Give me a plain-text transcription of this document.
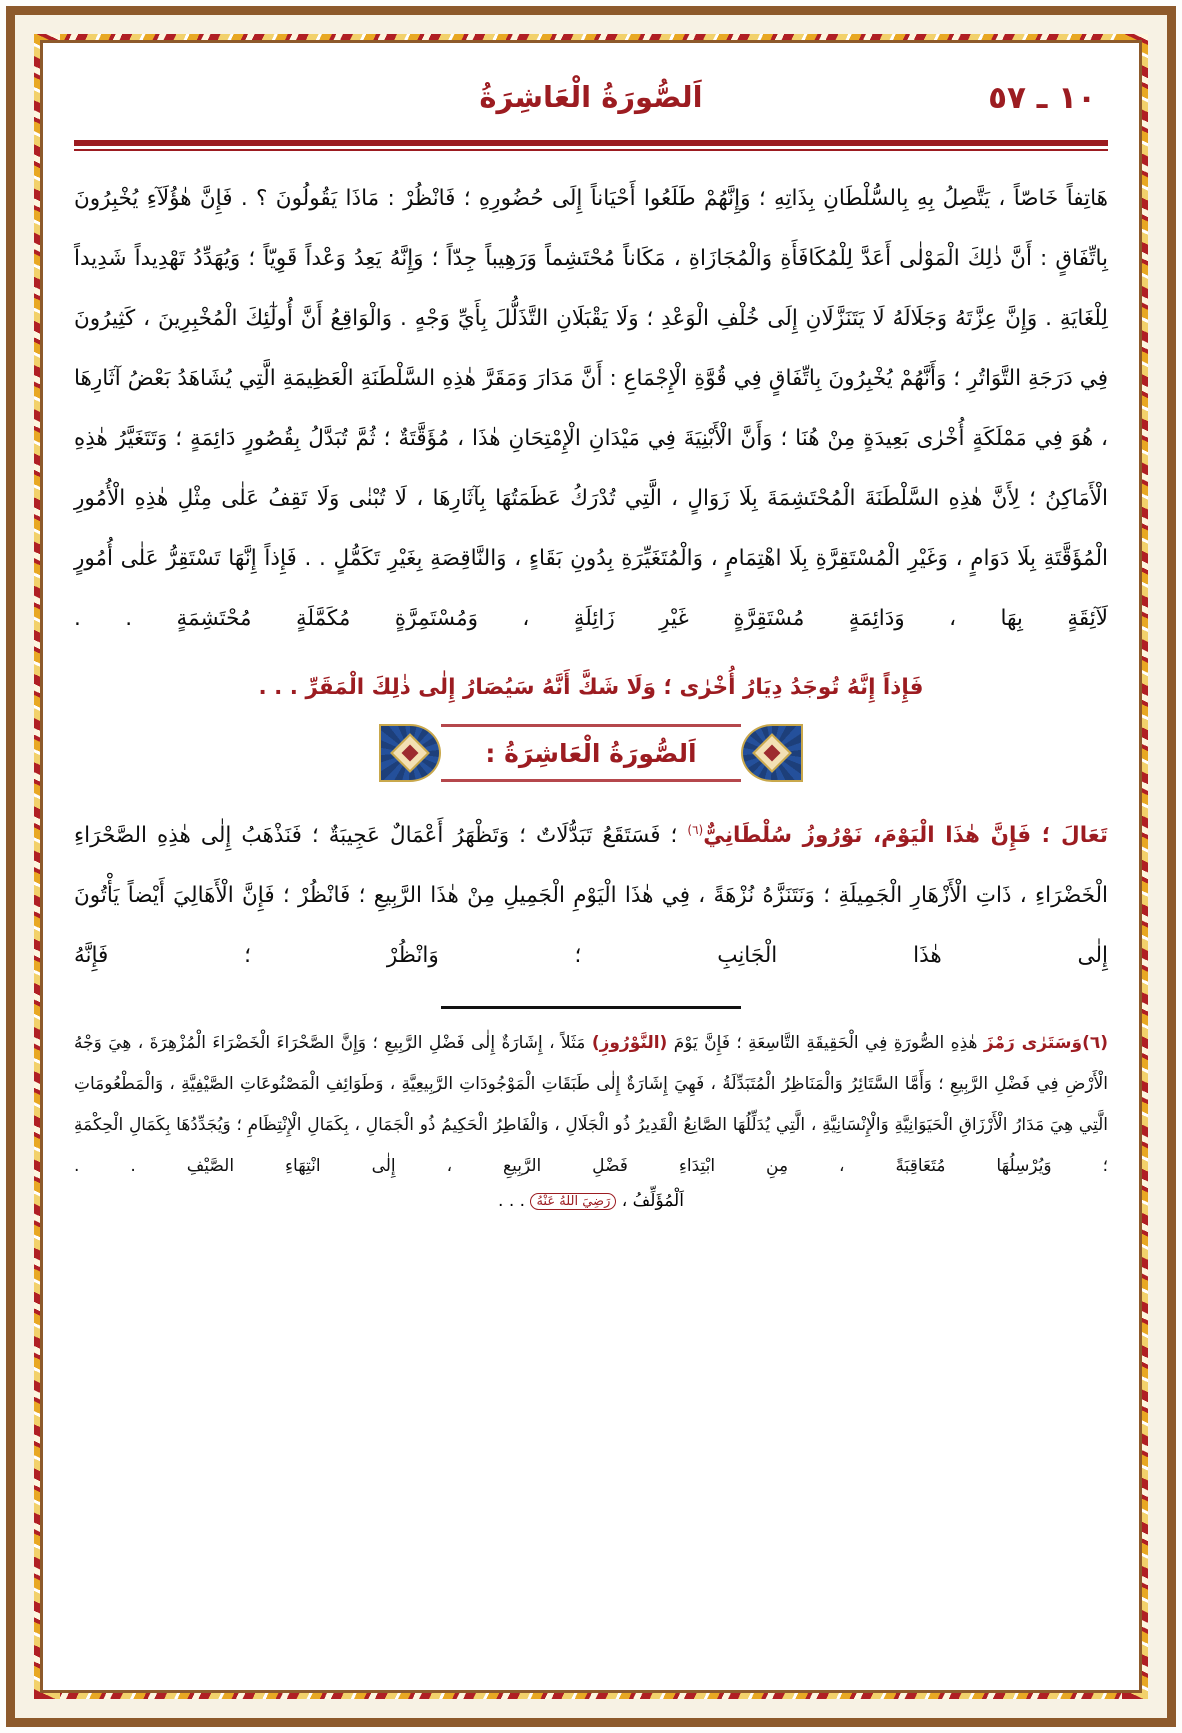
١٠ ـ ٥٧
اَلصُّورَةُ الْعَاشِرَةُ

هَاتِفاً خَاصّاً ، يَتَّصِلُ بِهِ بِالسُّلْطَانِ بِذَاتِهِ ؛ وَإِنَّهُمْ طَلَعُوا أَحْيَاناً إِلَى حُضُورِهِ ؛ فَانْظُرْ : مَاذَا يَقُولُونَ ؟ . فَإِنَّ هٰؤُلَآءِ يُخْبِرُونَ بِاتِّفَاقٍ : أَنَّ ذٰلِكَ الْمَوْلٰى أَعَدَّ لِلْمُكَافَأَةِ وَالْمُجَازَاةِ ، مَكَاناً مُحْتَشِماً وَرَهِيباً جِدّاً ؛ وَإِنَّهُ يَعِدُ وَعْداً قَوِيّاً ؛ وَيُهَدِّدُ تَهْدِيداً شَدِيداً لِلْغَايَةِ . وَإِنَّ عِزَّتَهُ وَجَلَالَهُ لَا يَتَنَزَّلَانِ إِلَى خُلْفِ الْوَعْدِ ؛ وَلَا يَقْبَلَانِ التَّذَلُّلَ بِأَيِّ وَجْهٍ . وَالْوَاقِعُ أَنَّ أُولٰٓئِكَ الْمُخْبِرِينَ ، كَثِيرُونَ فِي دَرَجَةِ التَّوَاتُرِ ؛ وَأَنَّهُمْ يُخْبِرُونَ بِاتِّفَاقٍ فِي قُوَّةِ الْإِجْمَاعِ : أَنَّ مَدَارَ وَمَقَرَّ هٰذِهِ السَّلْطَنَةِ الْعَظِيمَةِ الَّتِي يُشَاهَدُ بَعْضُ آثَارِهَا ، هُوَ فِي مَمْلَكَةٍ أُخْرٰى بَعِيدَةٍ مِنْ هُنَا ؛ وَأَنَّ الْأَبْنِيَةَ فِي مَيْدَانِ الْإِمْتِحَانِ هٰذَا ، مُؤَقَّتَةٌ ؛ ثُمَّ تُبَدَّلُ بِقُصُورٍ دَائِمَةٍ ؛ وَتَتَغَيَّرُ هٰذِهِ الْأَمَاكِنُ ؛ لِأَنَّ هٰذِهِ السَّلْطَنَةَ الْمُحْتَشِمَةَ بِلَا زَوَالٍ ، الَّتِي تُدْرَكُ عَظَمَتُهَا بِآثَارِهَا ، لَا تُبْنٰى وَلَا تَقِفُ عَلٰى مِثْلِ هٰذِهِ الْأُمُورِ الْمُؤَقَّتَةِ بِلَا دَوَامٍ ، وَغَيْرِ الْمُسْتَقِرَّةِ بِلَا اهْتِمَامٍ ، وَالْمُتَغَيِّرَةِ بِدُونِ بَقَاءٍ ، وَالنَّاقِصَةِ بِغَيْرِ تَكَمُّلٍ . . فَإِذاً إِنَّهَا تَسْتَقِرُّ عَلٰى أُمُورٍ لَآئِقَةٍ بِهَا ، وَدَائِمَةٍ مُسْتَقِرَّةٍ غَيْرِ زَائِلَةٍ ، وَمُسْتَمِرَّةٍ مُكَمَّلَةٍ مُحْتَشِمَةٍ . .

فَإِذاً إِنَّهُ تُوجَدُ دِيَارُ أُخْرٰى ؛ وَلَا شَكَّ أَنَّهُ سَيُصَارُ إِلٰى ذٰلِكَ الْمَقَرِّ . . .
اَلصُّورَةُ الْعَاشِرَةُ :

تَعَالَ ؛ فَإِنَّ هٰذَا الْيَوْمَ، نَوْرُوزُ سُلْطَانِيٌّ$^{(٦)}$ ؛ فَسَتَقَعُ تَبَدُّلَاتٌ ؛ وَتَظْهَرُ أَعْمَالٌ عَجِيبَةٌ ؛ فَنَذْهَبُ إِلٰى هٰذِهِ الصَّحْرَاءِ الْخَضْرَاءِ ، ذَاتِ الْأَزْهَارِ الْجَمِيلَةِ ؛ وَنَتَنَزَّهُ نُزْهَةً ، فِي هٰذَا الْيَوْمِ الْجَمِيلِ مِنْ هٰذَا الرَّبِيعِ ؛ فَانْظُرْ ؛ فَإِنَّ الْأَهَالِيَ أَيْضاً يَأْتُونَ إِلٰى هٰذَا الْجَانِبِ ؛ وَانْظُرْ ؛ فَإِنَّهُ

(٦)وَسَتَرٰى رَمْزَ هٰذِهِ الصُّورَةِ فِي الْحَقِيقَةِ التَّاسِعَةِ ؛ فَإِنَّ يَوْمَ (النَّوْرُوزِ) مَثَلاً ، إِشَارَةٌ إِلٰى فَضْلِ الرَّبِيعِ ؛ وَإِنَّ الصَّحْرَاءَ الْخَضْرَاءَ الْمُزْهِرَةَ ، هِيَ وَجْهُ الْأَرْضِ فِي فَضْلِ الرَّبِيعِ ؛ وَأَمَّا السَّتَائِرُ وَالْمَنَاظِرُ الْمُتَبَدِّلَةُ ، فَهِيَ إِشَارَةٌ إِلٰى طَبَقَاتِ الْمَوْجُودَاتِ الرَّبِيعِيَّةِ ، وَطَوَائِفِ الْمَصْنُوعَاتِ الصَّيْفِيَّةِ ، وَالْمَطْعُومَاتِ الَّتِي هِيَ مَدَارُ الْأَرْزَاقِ الْحَيَوَانِيَّةِ وَالْإِنْسَانِيَّةِ ، الَّتِي يُدَلِّلُهَا الصَّانِعُ الْقَدِيرُ ذُو الْجَلَالِ ، وَالْفَاطِرُ الْحَكِيمُ ذُو الْجَمَالِ ، بِكَمَالِ الْإِنْتِظَامِ ؛ وَيُجَدِّدُهَا بِكَمَالِ الْحِكْمَةِ ؛ وَيُرْسِلُهَا مُتَعَاقِبَةً ، مِنِ ابْتِدَاءِ فَضْلِ الرَّبِيعِ ، إِلٰى انْتِهَاءِ الصَّيْفِ . .
اَلْمُؤَلِّفُ ، رَضِيَ اللهُ عَنْهُ . . .
